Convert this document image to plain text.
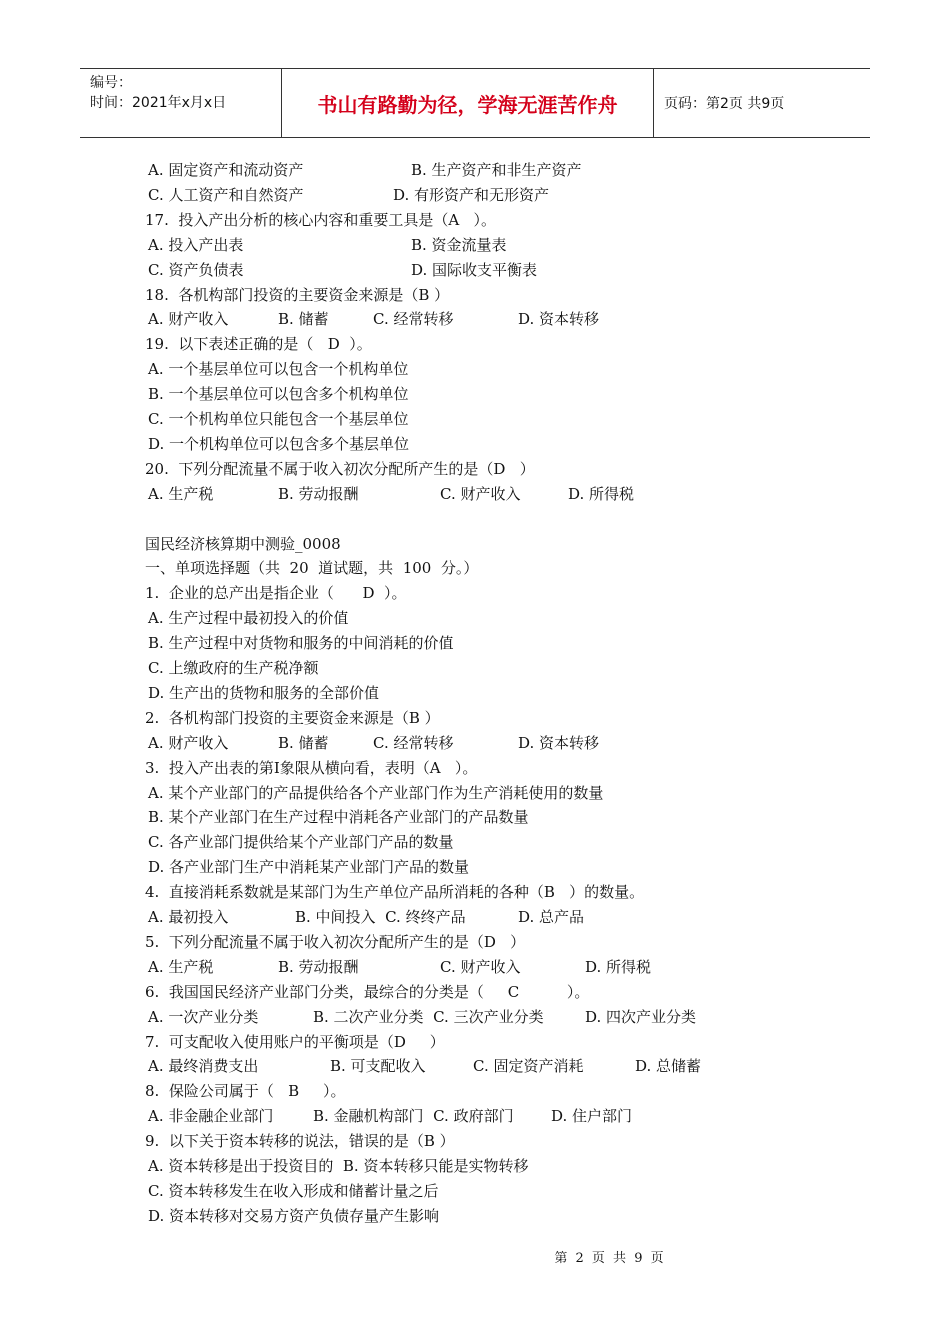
编号：
时间：2021年x月x日	书山有路勤为径，学海无涯苦作舟	页码：第2页 共9页
A. 固定资产和流动资产	B. 生产资产和非生产资产
C. 人工资产和自然资产	D. 有形资产和无形资产
17.  投入产出分析的核心内容和重要工具是（A   ）。
A. 投入产出表	B. 资金流量表
C. 资产负债表	D. 国际收支平衡表
18.  各机构部门投资的主要资金来源是（B ）
A. 财产收入	B. 储蓄	C. 经常转移	D. 资本转移
19.  以下表述正确的是（   D  ）。
A. 一个基层单位可以包含一个机构单位
B. 一个基层单位可以包含多个机构单位
C. 一个机构单位只能包含一个基层单位
D. 一个机构单位可以包含多个基层单位
20.  下列分配流量不属于收入初次分配所产生的是（D   ）
A. 生产税	B. 劳动报酬	C. 财产收入	D. 所得税
国民经济核算期中测验_0008
一、单项选择题（共  20  道试题，共  100  分。）
1.  企业的总产出是指企业（      D  ）。
A. 生产过程中最初投入的价值
B. 生产过程中对货物和服务的中间消耗的价值
C. 上缴政府的生产税净额
D. 生产出的货物和服务的全部价值
2.  各机构部门投资的主要资金来源是（B ）
A. 财产收入	B. 储蓄	C. 经常转移	D. 资本转移
3.  投入产出表的第Ⅰ象限从横向看，表明（A   ）。
A. 某个产业部门的产品提供给各个产业部门作为生产消耗使用的数量
B. 某个产业部门在生产过程中消耗各产业部门的产品数量
C. 各产业部门提供给某个产业部门产品的数量
D. 各产业部门生产中消耗某产业部门产品的数量
4.  直接消耗系数就是某部门为生产单位产品所消耗的各种（B   ）的数量。
A. 最初投入	B. 中间投入  C. 终终产品	D. 总产品
5.  下列分配流量不属于收入初次分配所产生的是（D   ）
A. 生产税	B. 劳动报酬	C. 财产收入	D. 所得税
6.  我国国民经济产业部门分类，最综合的分类是（     C          ）。
A. 一次产业分类	B. 二次产业分类  C. 三次产业分类	D. 四次产业分类
7.  可支配收入使用账户的平衡项是（D     ）
A. 最终消费支出	B. 可支配收入	C. 固定资产消耗	D. 总储蓄
8.  保险公司属于（   B     ）。
A. 非金融企业部门	B. 金融机构部门  C. 政府部门 D. 住户部门
9.  以下关于资本转移的说法，错误的是（B ）
A. 资本转移是出于投资目的  B. 资本转移只能是实物转移
C. 资本转移发生在收入形成和储蓄计量之后
D. 资本转移对交易方资产负债存量产生影响
第 2 页 共 9 页
